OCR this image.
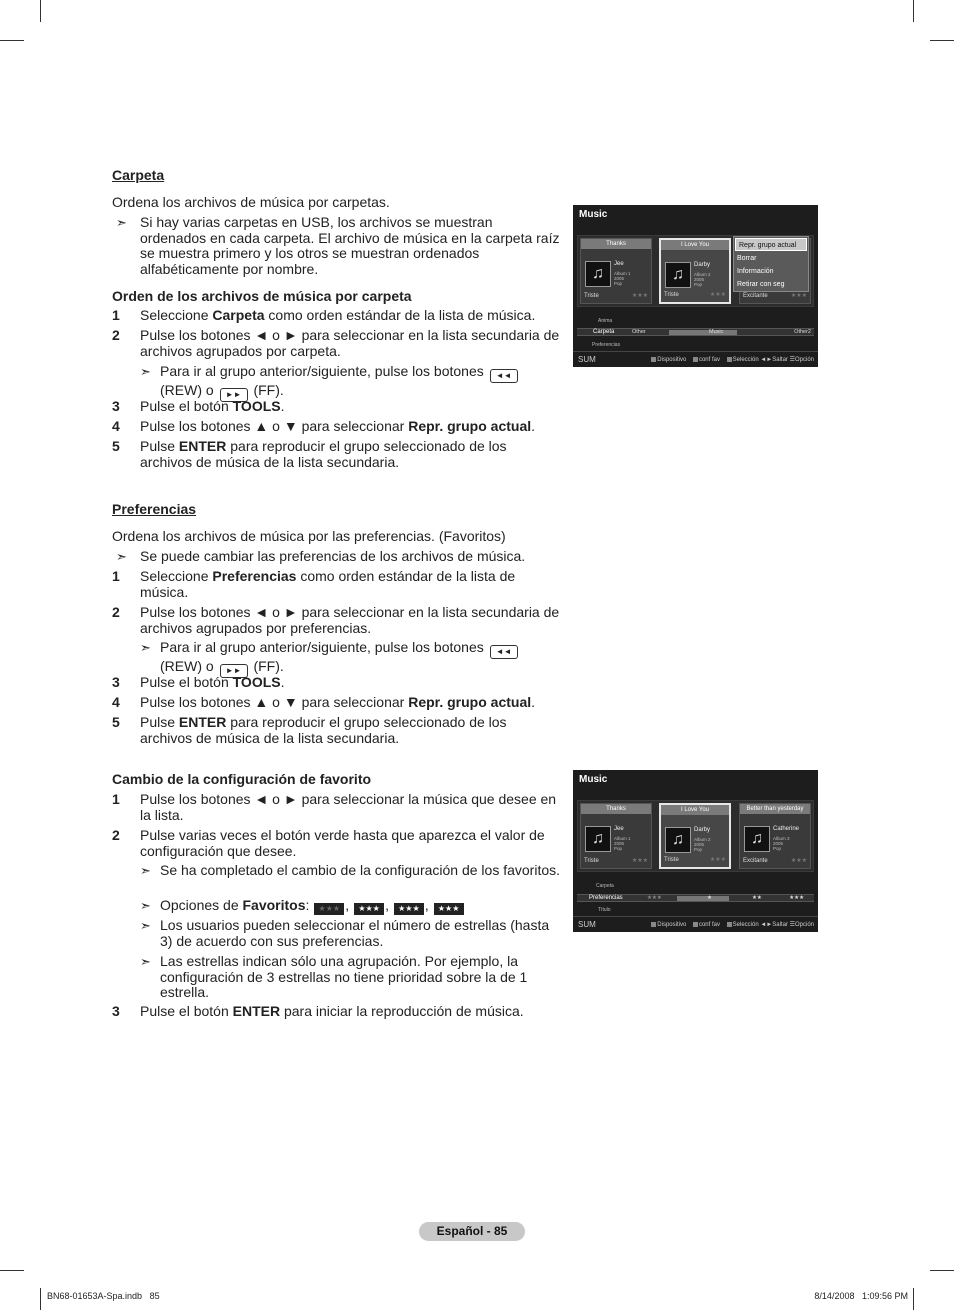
Carpeta
Ordena los archivos de música por carpetas.
➣ Si hay varias carpetas en USB, los archivos se muestran ordenados en cada carpeta. El archivo de música en la carpeta raíz se muestra primero y los otros se muestran ordenados alfabéticamente por nombre.
Orden de los archivos de música por carpeta
1 Seleccione Carpeta como orden estándar de la lista de música.
2 Pulse los botones ◄ o ► para seleccionar en la lista secundaria de archivos agrupados por carpeta.
➣ Para ir al grupo anterior/siguiente, pulse los botones ◄◄
(REW) o ►► (FF).
3 Pulse el botón TOOLS.
4 Pulse los botones ▲ o ▼ para seleccionar Repr. grupo actual.
5 Pulse ENTER para reproducir el grupo seleccionado de los archivos de música de la lista secundaria.
Music
Thanks
♫
Jee
Album 1
2005
Pop
Triste	★★★
I Love You
♫
Darby
Album 2
2005
Pop
Triste	★★★	Excitante	★★★
Repr. grupo actual
Borrar
Información
Retirar con seg
Anima
Carpeta	Other	Music	Other2
Preferencias
SUM	Dispositivo conf fav Selección ◄►Saltar ☰Opción
Preferencias
Ordena los archivos de música por las preferencias. (Favoritos)
➣ Se puede cambiar las preferencias de los archivos de música.
1 Seleccione Preferencias como orden estándar de la lista de música.
2 Pulse los botones ◄ o ► para seleccionar en la lista secundaria de archivos agrupados por preferencias.
➣ Para ir al grupo anterior/siguiente, pulse los botones ◄◄
(REW) o ►► (FF).
3 Pulse el botón TOOLS.
4 Pulse los botones ▲ o ▼ para seleccionar Repr. grupo actual.
5 Pulse ENTER para reproducir el grupo seleccionado de los archivos de música de la lista secundaria.
Cambio de la configuración de favorito
1 Pulse los botones ◄ o ► para seleccionar la música que desee en la lista.
2 Pulse varias veces el botón verde hasta que aparezca el valor de configuración que desee.
➣ Se ha completado el cambio de la configuración de los favoritos.
➣ Opciones de Favoritos: ★★★ , ★★★ , ★★★ , ★★★
➣ Los usuarios pueden seleccionar el número de estrellas (hasta 3) de acuerdo con sus preferencias.
➣ Las estrellas indican sólo una agrupación. Por ejemplo, la configuración de 3 estrellas no tiene prioridad sobre la de 1 estrella.
3 Pulse el botón ENTER para iniciar la reproducción de música.
Music
Thanks
♫
Jee
Album 1
2005
Pop
Triste	★★★
I Love You
♫
Darby
Album 2
2005
Pop
Triste	★★★
Better than yesterday
♫
Catherine
Album 3
2005
Pop
Excitante	★★★
Carpeta
Preferencias	★★★	★	★★	★★★
Título
SUM	Dispositivo conf fav Selección ◄►Saltar ☰Opción
Español - 85
BN68-01653A-Spa.indb   85	8/14/2008   1:09:56 PM
